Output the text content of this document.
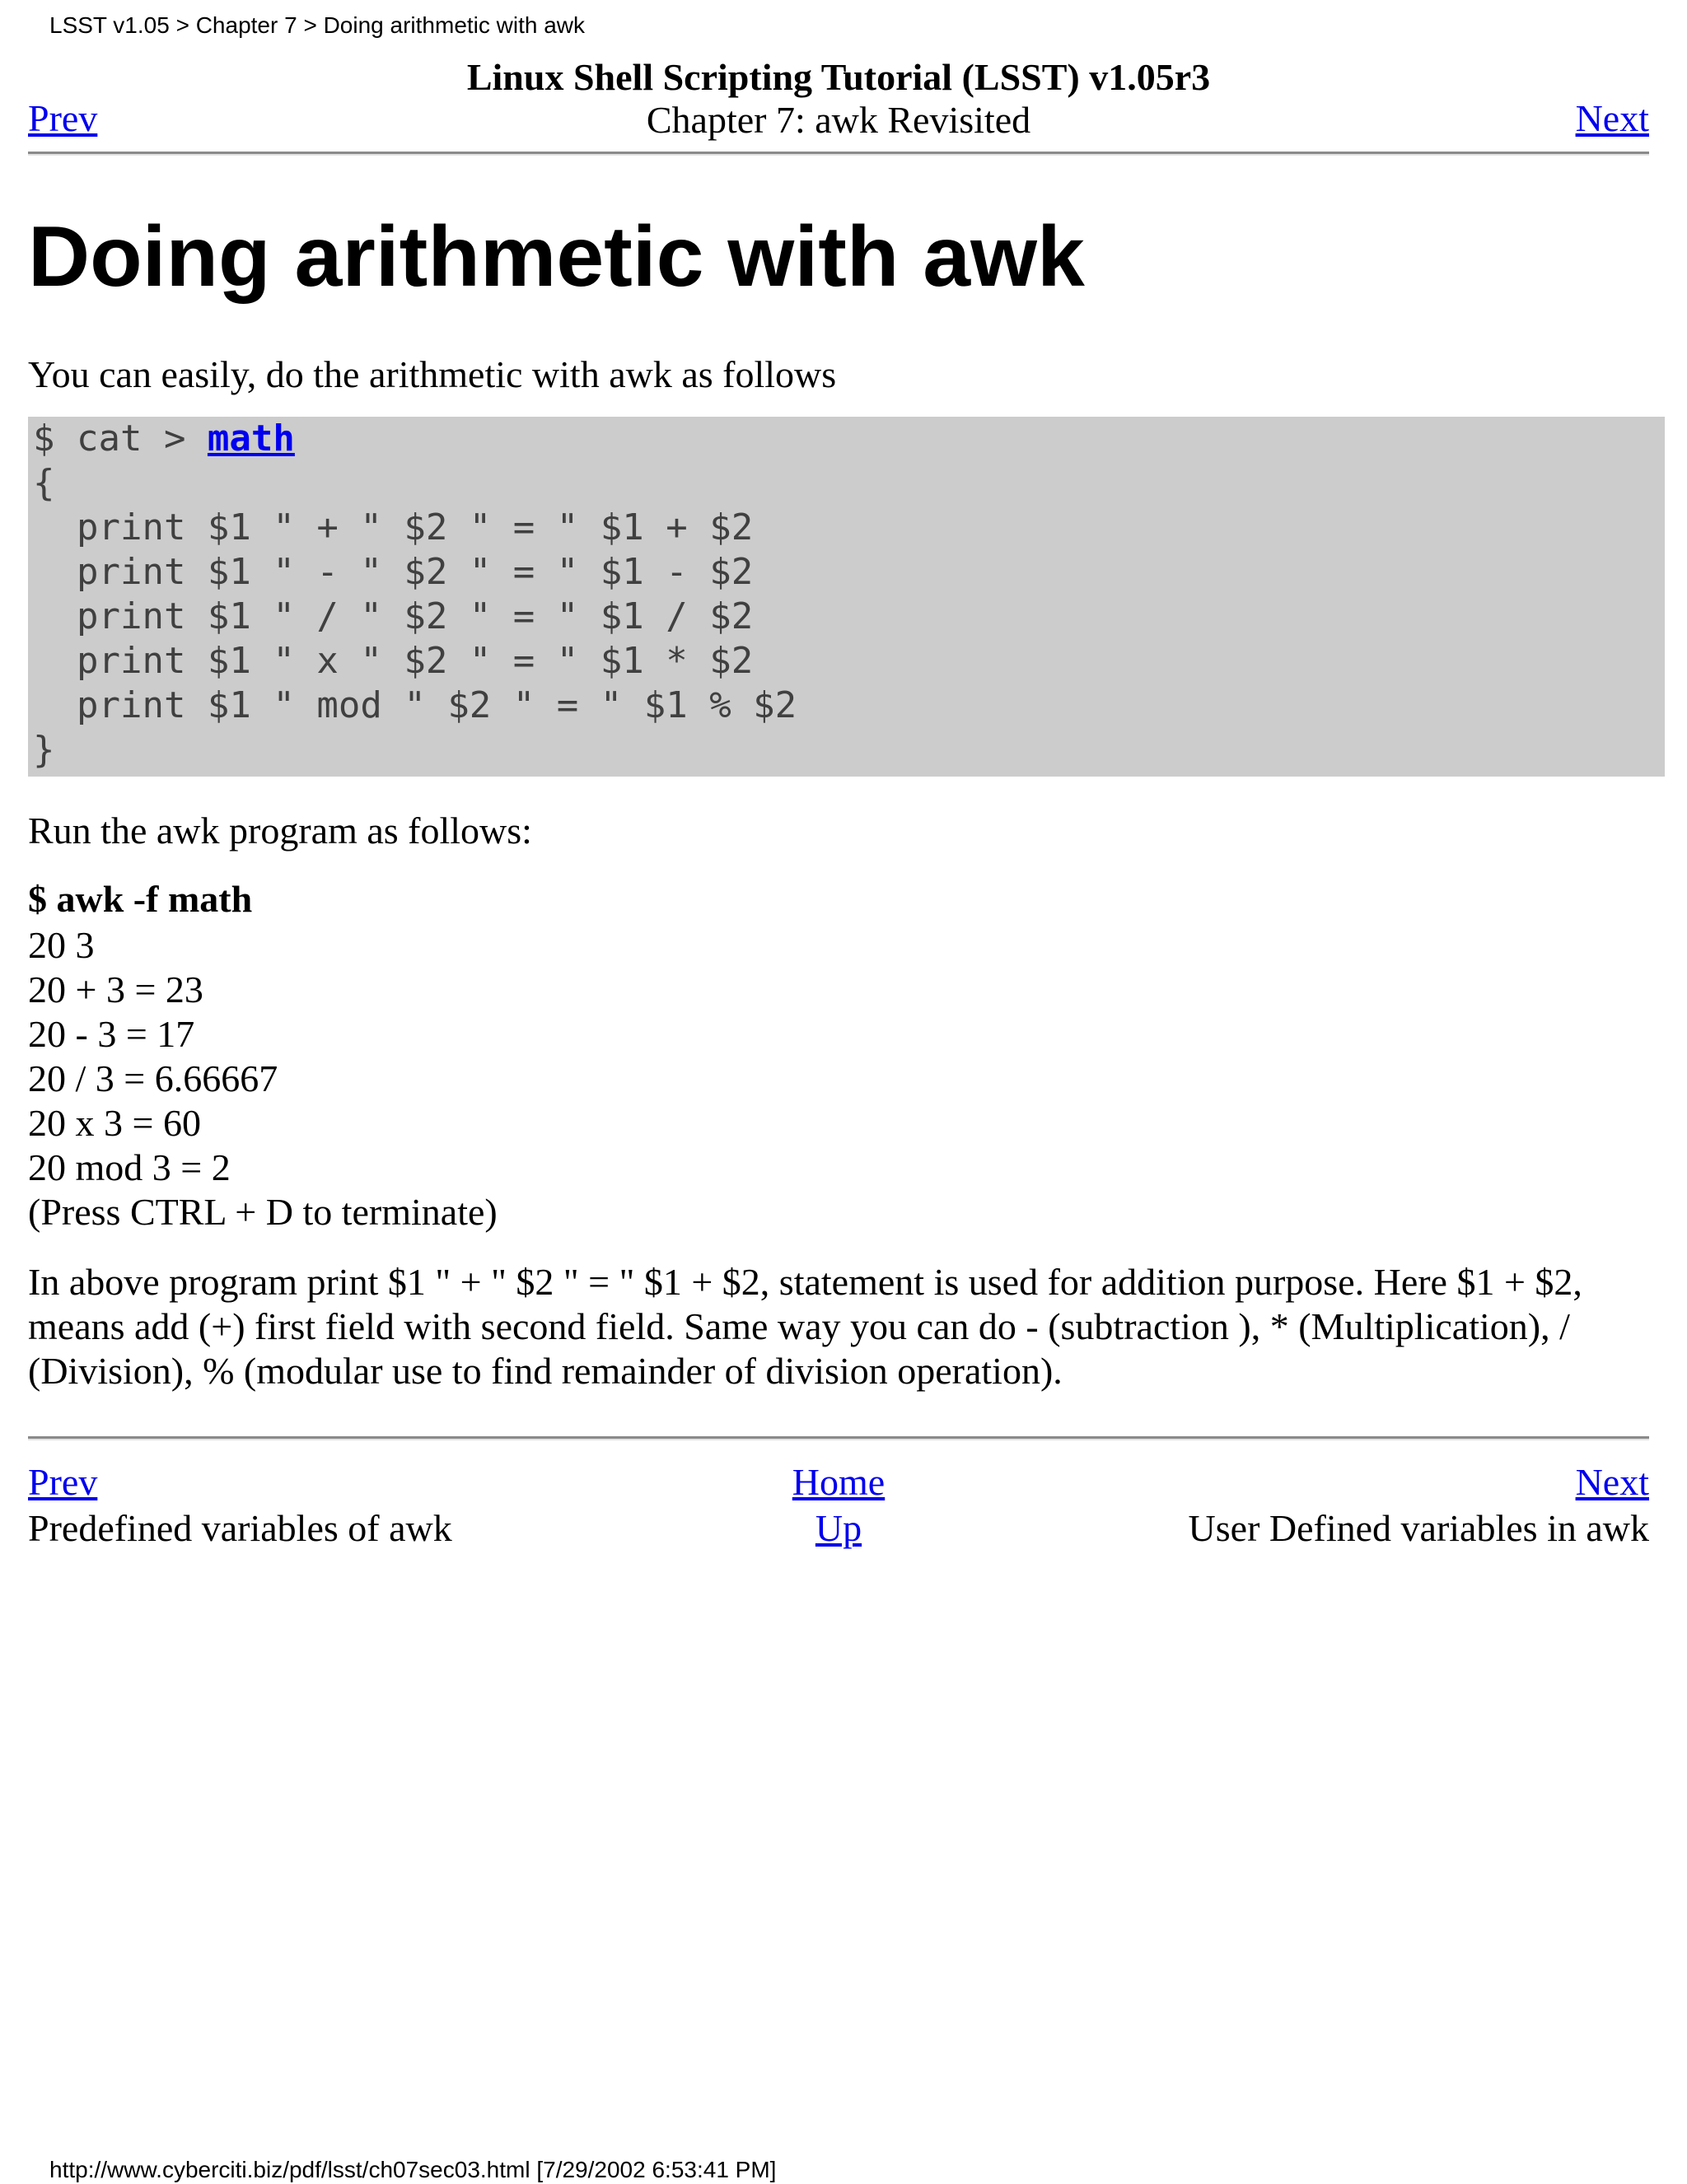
LSST v1.05 > Chapter 7 > Doing arithmetic with awk
Prev
Linux Shell Scripting Tutorial (LSST) v1.05r3
Chapter 7: awk Revisited	Next
Doing arithmetic with awk

You can easily, do the arithmetic with awk as follows

$ cat > math
{
print $1 " + " $2 " = " $1 + $2
print $1 " - " $2 " = " $1 - $2
print $1 " / " $2 " = " $1 / $2
print $1 " x " $2 " = " $1 * $2
print $1 " mod " $2 " = " $1 % $2
}

Run the awk program as follows:

$ awk -f math
20 3
20 + 3 = 23
20 - 3 = 17
20 / 3 = 6.66667
20 x 3 = 60
20 mod 3 = 2
(Press CTRL + D to terminate)

In above program print $1 " + " $2 " = " $1 + $2, statement is used for addition purpose. Here $1 + $2, means add (+) first field with second field. Same way you can do - (subtraction ), * (Multiplication), / (Division), % (modular use to find remainder of division operation).

Prev
Predefined variables of awk
Home
Up
Next
User Defined variables in awk
http://www.cyberciti.biz/pdf/lsst/ch07sec03.html [7/29/2002 6:53:41 PM]
